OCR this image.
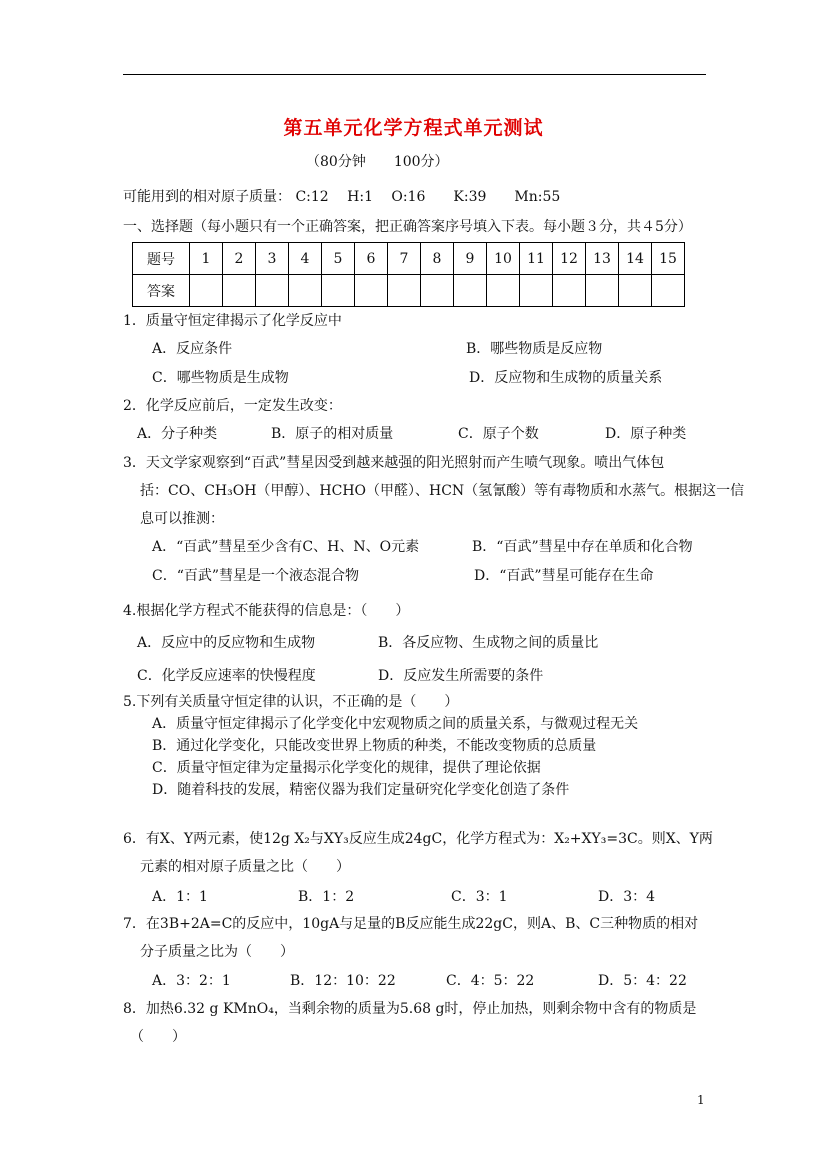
第五单元化学方程式单元测试
（80分钟　　100分）
可能用到的相对原子质量： C:12　 H:1　 O:16　　K:39　　Mn:55
一、选择题（每小题只有一个正确答案，把正确答案序号填入下表。每小题３分，共４5分）
题号	1	2	3	4	5	6	7	8	9	10	11	12	13	14	15
答案															
1．质量守恒定律揭示了化学反应中
A．反应条件	B．哪些物质是反应物
C．哪些物质是生成物	D．反应物和生成物的质量关系
2．化学反应前后，一定发生改变：
A．分子种类	B．原子的相对质量	C．原子个数	D．原子种类
3．天文学家观察到“百武”彗星因受到越来越强的阳光照射而产生喷气现象。喷出气体包
括：CO、CH₃OH（甲醇）、HCHO（甲醛）、HCN（氢氰酸）等有毒物质和水蒸气。根据这一信
息可以推测：
A．“百武”彗星至少含有C、H、N、O元素	B．“百武”彗星中存在单质和化合物
C．“百武”彗星是一个液态混合物	D．“百武”彗星可能存在生命
4.根据化学方程式不能获得的信息是：（　　）
A．反应中的反应物和生成物	B．各反应物、生成物之间的质量比
C．化学反应速率的快慢程度	D．反应发生所需要的条件
5.下列有关质量守恒定律的认识，不正确的是（　　）
A．质量守恒定律揭示了化学变化中宏观物质之间的质量关系，与微观过程无关
B．通过化学变化，只能改变世界上物质的种类，不能改变物质的总质量
C．质量守恒定律为定量揭示化学变化的规律，提供了理论依据
D．随着科技的发展，精密仪器为我们定量研究化学变化创造了条件
6．有X、Y两元素，使12g X₂与XY₃反应生成24gC，化学方程式为：X₂+XY₃=3C。则X、Y两
元素的相对原子质量之比（　　）
A．1：1	B．1：2	C．3：1	D．3：4
7．在3B+2A=C的反应中，10gA与足量的B反应能生成22gC，则A、B、C三种物质的相对
分子质量之比为（　　）
A．3：2：1	B．12：10：22	C．4：5：22	D．5：4：22
8．加热6.32 g KMnO₄，当剩余物的质量为5.68 g时，停止加热，则剩余物中含有的物质是
（　　）
1
